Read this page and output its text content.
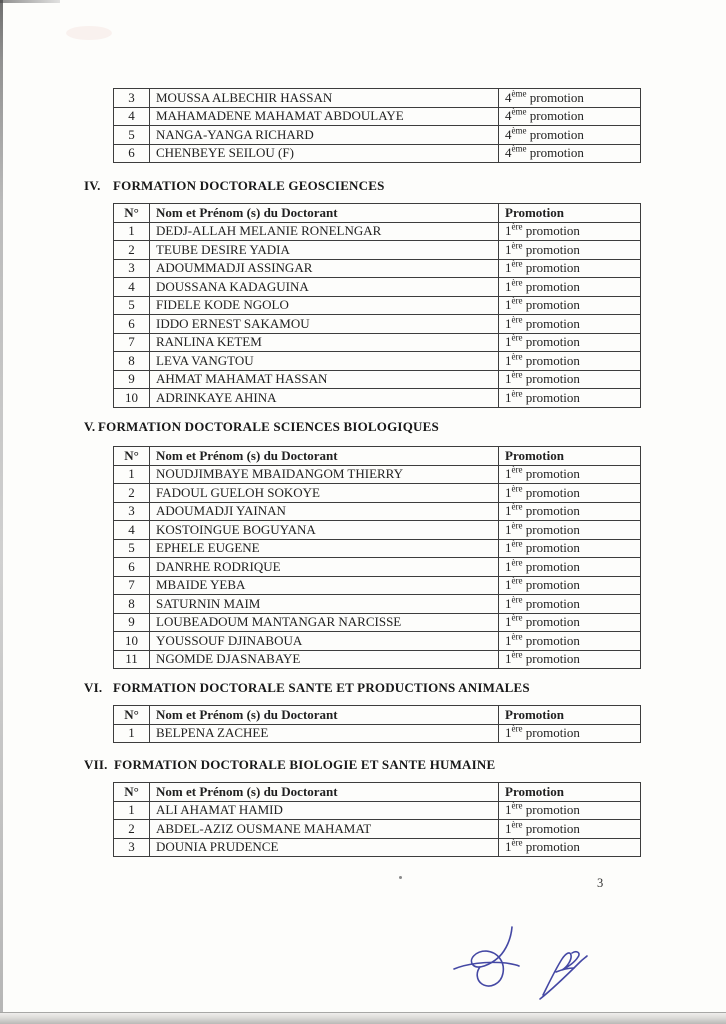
3	MOUSSA ALBECHIR HASSAN	4ème promotion
4	MAHAMADENE MAHAMAT ABDOULAYE	4ème promotion
5	NANGA-YANGA RICHARD	4ème promotion
6	CHENBEYE SEILOU (F)	4ème promotion
IV. FORMATION DOCTORALE GEOSCIENCES
N°	Nom et Prénom (s) du Doctorant	Promotion
1	DEDJ-ALLAH MELANIE RONELNGAR	1ère promotion
2	TEUBE DESIRE YADIA	1ère promotion
3	ADOUMMADJI ASSINGAR	1ère promotion
4	DOUSSANA KADAGUINA	1ère promotion
5	FIDELE KODE NGOLO	1ère promotion
6	IDDO ERNEST SAKAMOU	1ère promotion
7	RANLINA KETEM	1ère promotion
8	LEVA VANGTOU	1ère promotion
9	AHMAT MAHAMAT HASSAN	1ère promotion
10	ADRINKAYE AHINA	1ère promotion
V. FORMATION DOCTORALE SCIENCES BIOLOGIQUES
N°	Nom et Prénom (s) du Doctorant	Promotion
1	NOUDJIMBAYE MBAIDANGOM THIERRY	1ère promotion
2	FADOUL GUELOH SOKOYE	1ère promotion
3	ADOUMADJI YAINAN	1ère promotion
4	KOSTOINGUE BOGUYANA	1ère promotion
5	EPHELE EUGENE	1ère promotion
6	DANRHE RODRIQUE	1ère promotion
7	MBAIDE YEBA	1ère promotion
8	SATURNIN MAIM	1ère promotion
9	LOUBEADOUM MANTANGAR NARCISSE	1ère promotion
10	YOUSSOUF DJINABOUA	1ère promotion
11	NGOMDE DJASNABAYE	1ère promotion
VI. FORMATION DOCTORALE SANTE ET PRODUCTIONS ANIMALES
N°	Nom et Prénom (s) du Doctorant	Promotion
1	BELPENA ZACHEE	1ère promotion
VII. FORMATION DOCTORALE BIOLOGIE ET SANTE HUMAINE
N°	Nom et Prénom (s) du Doctorant	Promotion
1	ALI AHAMAT HAMID	1ère promotion
2	ABDEL-AZIZ OUSMANE MAHAMAT	1ère promotion
3	DOUNIA PRUDENCE	1ère promotion
3
